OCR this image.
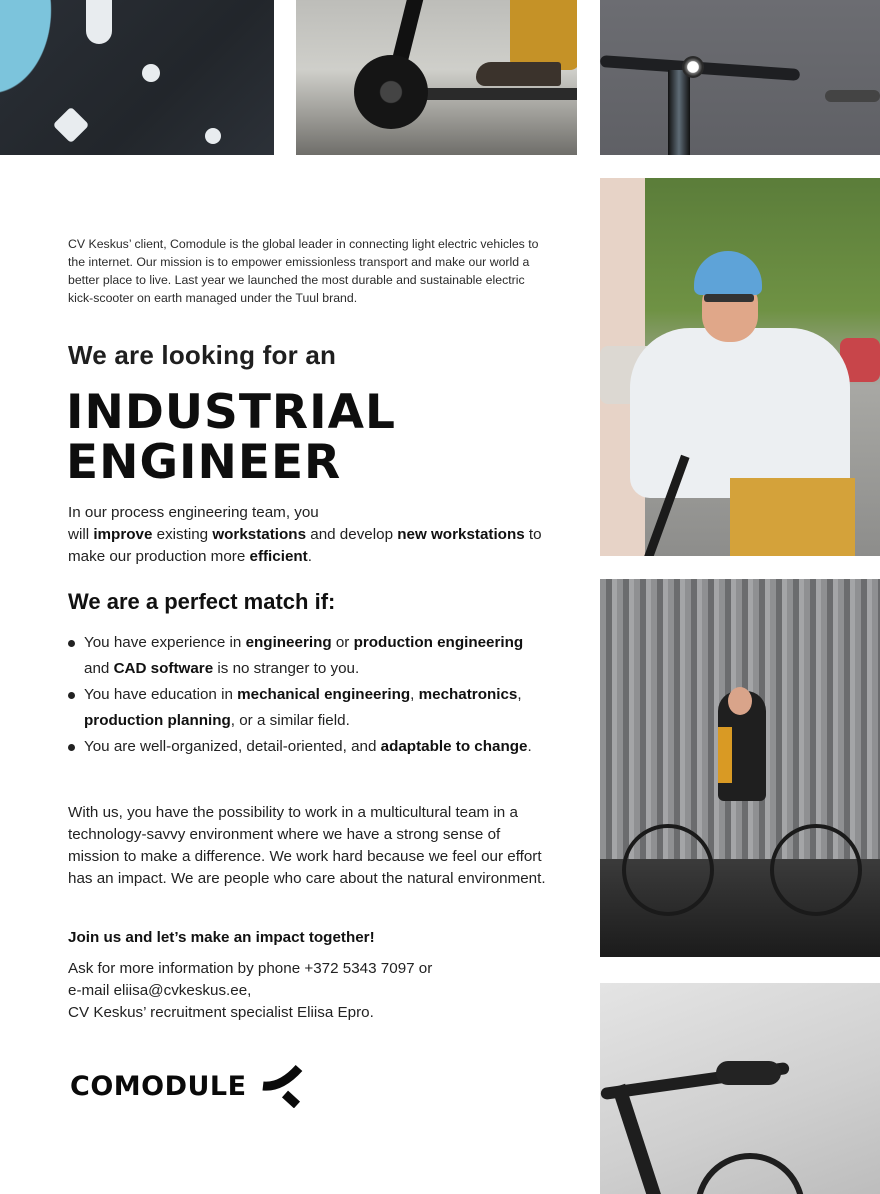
CV Keskus’ client, Comodule is the global leader in connecting light electric vehicles to the internet. Our mission is to empower emissionless transport and make our world a better place to live. Last year we launched the most durable and sustainable electric kick-scooter on earth managed under the Tuul brand.

We are looking for an
INDUSTRIAL
ENGINEER

In our process engineering team, you
will improve existing workstations and develop new workstations to make our production more efficient.

We are a perfect match if:
You have experience in engineering or production engineering and CAD software is no stranger to you.
You have education in mechanical engineering, mechatronics, production planning, or a similar field.
You are well-organized, detail-oriented, and adaptable to change.

With us, you have the possibility to work in a multicultural team in a technology-savvy environment where we have a strong sense of mission to make a difference. We work hard because we feel our effort has an impact. We are people who care about the natural environment.

Join us and let’s make an impact together!

Ask for more information by phone +372 5343 7097 or
e-mail eliisa@cvkeskus.ee,
CV Keskus’ recruitment specialist Eliisa Epro.

COMODULE
